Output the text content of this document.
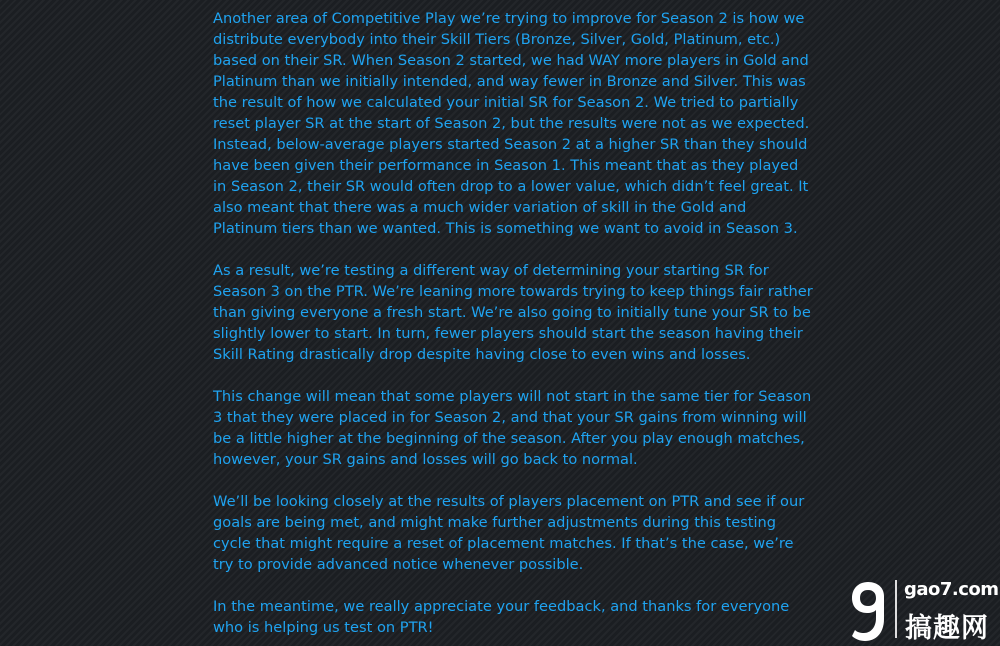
Another area of Competitive Play we’re trying to improve for Season 2 is how we distribute everybody into their Skill Tiers (Bronze, Silver, Gold, Platinum, etc.) based on their SR. When Season 2 started, we had WAY more players in Gold and Platinum than we initially intended, and way fewer in Bronze and Silver. This was the result of how we calculated your initial SR for Season 2. We tried to partially reset player SR at the start of Season 2, but the results were not as we expected. Instead, below-average players started Season 2 at a higher SR than they should have been given their performance in Season 1. This meant that as they played in Season 2, their SR would often drop to a lower value, which didn’t feel great. It also meant that there was a much wider variation of skill in the Gold and Platinum tiers than we wanted. This is something we want to avoid in Season 3.

As a result, we’re testing a different way of determining your starting SR for Season 3 on the PTR. We’re leaning more towards trying to keep things fair rather than giving everyone a fresh start. We’re also going to initially tune your SR to be slightly lower to start. In turn, fewer players should start the season having their Skill Rating drastically drop despite having close to even wins and losses.

This change will mean that some players will not start in the same tier for Season 3 that they were placed in for Season 2, and that your SR gains from winning will be a little higher at the beginning of the season. After you play enough matches, however, your SR gains and losses will go back to normal.

We’ll be looking closely at the results of players placement on PTR and see if our goals are being met, and might make further adjustments during this testing cycle that might require a reset of placement matches. If that’s the case, we’re try to provide advanced notice whenever possible.

In the meantime, we really appreciate your feedback, and thanks for everyone who is helping us test on PTR!

gao7.com
搞趣网
